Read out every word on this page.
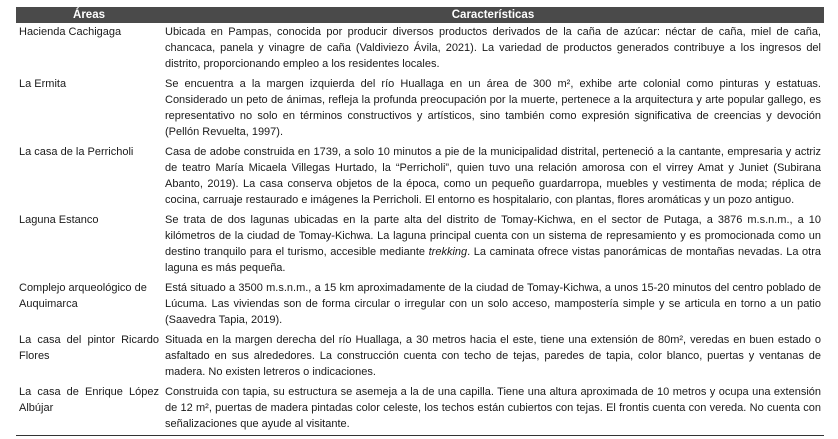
Áreas	Características
Hacienda Cachigaga	Ubicada en Pampas, conocida por producir diversos productos derivados de la caña de azúcar: néctar de caña, miel de caña, chancaca, panela y vinagre de caña (Valdiviezo Ávila, 2021). La variedad de productos generados contribuye a los ingresos del distrito, proporcionando empleo a los residentes locales.
La Ermita	Se encuentra a la margen izquierda del río Huallaga en un área de 300 m², exhibe arte colonial como pinturas y estatuas. Considerado un peto de ánimas, refleja la profunda preocupación por la muerte, pertenece a la arquitectura y arte popular gallego, es representativo no solo en términos constructivos y artísticos, sino también como expresión significativa de creencias y devoción (Pellón Revuelta, 1997).
La casa de la Perricholi	Casa de adobe construida en 1739, a solo 10 minutos a pie de la municipalidad distrital, perteneció a la cantante, empresaria y actriz de teatro María Micaela Villegas Hurtado, la “Perricholi”, quien tuvo una relación amorosa con el virrey Amat y Juniet (Subirana Abanto, 2019). La casa conserva objetos de la época, como un pequeño guardarropa, muebles y vestimenta de moda; réplica de cocina, carruaje restaurado e imágenes la Perricholi. El entorno es hospitalario, con plantas, flores aromáticas y un pozo antiguo.
Laguna Estanco	Se trata de dos lagunas ubicadas en la parte alta del distrito de Tomay-Kichwa, en el sector de Putaga, a 3876 m.s.n.m., a 10 kilómetros de la ciudad de Tomay-Kichwa. La laguna principal cuenta con un sistema de represamiento y es promocionada como un destino tranquilo para el turismo, accesible mediante trekking. La caminata ofrece vistas panorámicas de montañas nevadas. La otra laguna es más pequeña.
Complejo arqueológico de Auquimarca	Está situado a 3500 m.s.n.m., a 15 km aproximadamente de la ciudad de Tomay-Kichwa, a unos 15-20 minutos del centro poblado de Lúcuma. Las viviendas son de forma circular o irregular con un solo acceso, mampostería simple y se articula en torno a un patio (Saavedra Tapia, 2019).
La casa del pintor Ricardo Flores	Situada en la margen derecha del río Huallaga, a 30 metros hacia el este, tiene una extensión de 80m², veredas en buen estado o asfaltado en sus alrededores. La construcción cuenta con techo de tejas, paredes de tapia, color blanco, puertas y ventanas de madera. No existen letreros o indicaciones.
La casa de Enrique López Albújar	Construida con tapia, su estructura se asemeja a la de una capilla. Tiene una altura aproximada de 10 metros y ocupa una extensión de 12 m², puertas de madera pintadas color celeste, los techos están cubiertos con tejas. El frontis cuenta con vereda. No cuenta con señalizaciones que ayude al visitante.
